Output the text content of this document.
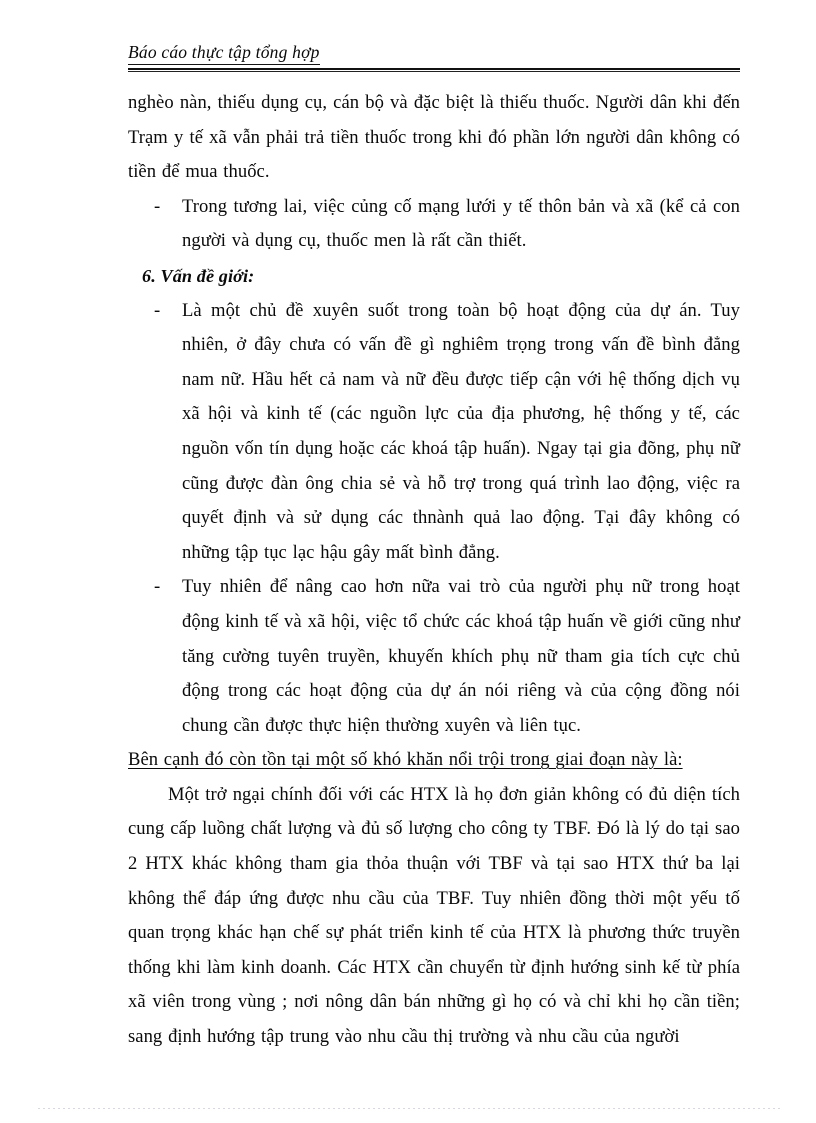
Báo cáo thực tập tổng hợp

nghèo nàn, thiếu dụng cụ, cán bộ và đặc biệt là thiếu thuốc. Người dân khi đến Trạm y tế xã vẫn phải trả tiền thuốc trong khi đó phần lớn người dân không có tiền để mua thuốc.

- Trong tương lai, việc củng cố mạng lưới y tế thôn bản và xã (kể cả con người và dụng cụ, thuốc men là rất cần thiết.

6. Vấn đề giới:

- Là một chủ đề xuyên suốt trong toàn bộ hoạt động của dự án. Tuy nhiên, ở đây chưa có vấn đề gì nghiêm trọng trong vấn đề bình đẳng nam nữ. Hầu hết cả nam và nữ đều được tiếp cận với hệ thống dịch vụ xã hội và kinh tế (các nguồn lực của địa phương, hệ thống y tế, các nguồn vốn tín dụng hoặc các khoá tập huấn). Ngay tại gia đõng, phụ nữ cũng được đàn ông chia sẻ và hỗ trợ trong quá trình lao động, việc ra quyết định và sử dụng các thnành quả lao động. Tại đây không có những tập tục lạc hậu gây mất bình đẳng.
- Tuy nhiên để nâng cao hơn nữa vai trò của người phụ nữ trong hoạt động kinh tế và xã hội, việc tổ chức các khoá tập huấn về giới cũng như tăng cường tuyên truyền, khuyến khích phụ nữ tham gia tích cực chủ động trong các hoạt động của dự án nói riêng và của cộng đồng nói chung cần được thực hiện thường xuyên và liên tục.

Bên cạnh đó còn tồn tại một số khó khăn nổi trội trong giai đoạn này là:

Một trở ngại chính đối với các HTX là họ đơn giản không có đủ diện tích cung cấp luồng chất lượng và đủ số lượng cho công ty TBF. Đó là lý do tại sao 2 HTX khác không tham gia thỏa thuận với TBF và tại sao HTX thứ ba lại không thể đáp ứng được nhu cầu của TBF. Tuy nhiên đồng thời một yếu tố quan trọng khác hạn chế sự phát triển kinh tế của HTX là phương thức truyền thống khi làm kinh doanh. Các HTX cần chuyển từ định hướng sinh kế từ phía xã viên trong vùng ; nơi nông dân bán những gì họ có và chỉ khi họ cần tiền; sang định hướng tập trung vào nhu cầu thị trường và nhu cầu của người
